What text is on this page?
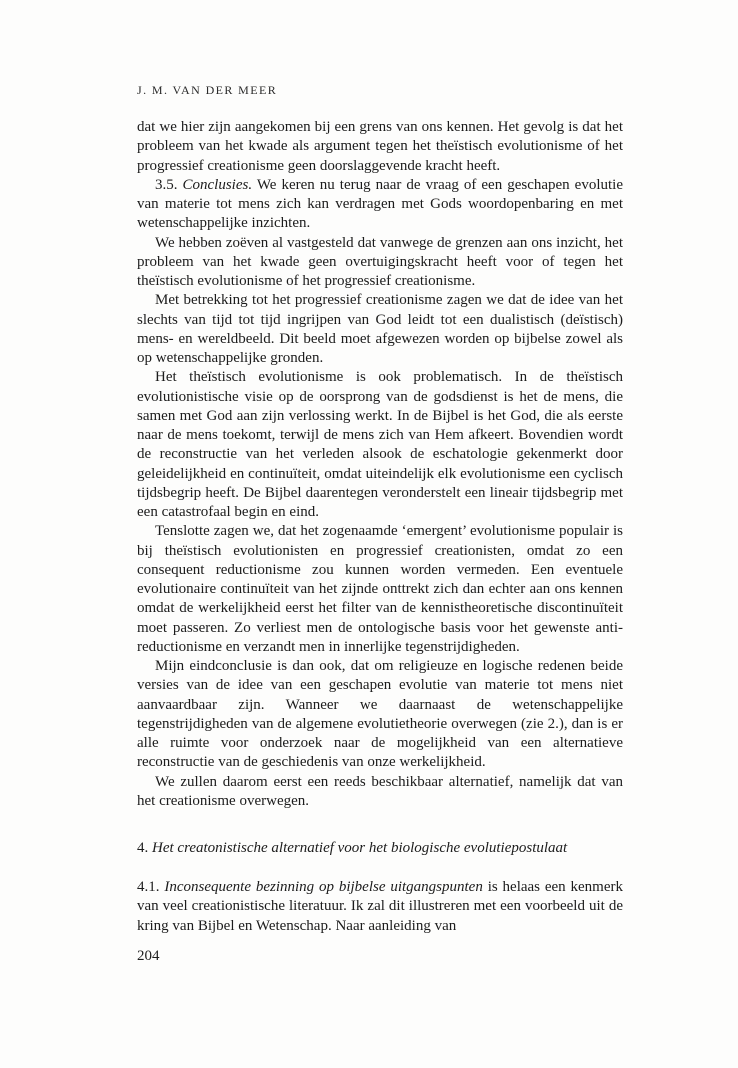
J. M. VAN DER MEER

dat we hier zijn aangekomen bij een grens van ons kennen. Het gevolg is dat het probleem van het kwade als argument tegen het theïstisch evolutionisme of het progressief creationisme geen doorslaggevende kracht heeft.

3.5. Conclusies. We keren nu terug naar de vraag of een geschapen evolutie van materie tot mens zich kan verdragen met Gods woordopenbaring en met wetenschappelijke inzichten.

We hebben zoëven al vastgesteld dat vanwege de grenzen aan ons inzicht, het probleem van het kwade geen overtuigingskracht heeft voor of tegen het theïstisch evolutionisme of het progressief creationisme.

Met betrekking tot het progressief creationisme zagen we dat de idee van het slechts van tijd tot tijd ingrijpen van God leidt tot een dualistisch (deïstisch) mens- en wereldbeeld. Dit beeld moet afgewezen worden op bijbelse zowel als op wetenschappelijke gronden.

Het theïstisch evolutionisme is ook problematisch. In de theïstisch evolutionistische visie op de oorsprong van de godsdienst is het de mens, die samen met God aan zijn verlossing werkt. In de Bijbel is het God, die als eerste naar de mens toekomt, terwijl de mens zich van Hem afkeert. Bovendien wordt de reconstructie van het verleden alsook de eschatologie gekenmerkt door geleidelijkheid en continuïteit, omdat uiteindelijk elk evolutionisme een cyclisch tijdsbegrip heeft. De Bijbel daarentegen veronderstelt een lineair tijdsbegrip met een catastrofaal begin en eind.

Tenslotte zagen we, dat het zogenaamde ‘emergent’ evolutionisme populair is bij theïstisch evolutionisten en progressief creationisten, omdat zo een consequent reductionisme zou kunnen worden vermeden. Een eventuele evolutionaire continuïteit van het zijnde onttrekt zich dan echter aan ons kennen omdat de werkelijkheid eerst het filter van de kennistheoretische discontinuïteit moet passeren. Zo verliest men de ontologische basis voor het gewenste anti-reductionisme en verzandt men in innerlijke tegenstrijdigheden.

Mijn eindconclusie is dan ook, dat om religieuze en logische redenen beide versies van de idee van een geschapen evolutie van materie tot mens niet aanvaardbaar zijn. Wanneer we daarnaast de wetenschappelijke tegenstrijdigheden van de algemene evolutietheorie overwegen (zie 2.), dan is er alle ruimte voor onderzoek naar de mogelijkheid van een alternatieve reconstructie van de geschiedenis van onze werkelijkheid.

We zullen daarom eerst een reeds beschikbaar alternatief, namelijk dat van het creationisme overwegen.

4. Het creatonistische alternatief voor het biologische evolutiepostulaat

4.1. Inconsequente bezinning op bijbelse uitgangspunten is helaas een kenmerk van veel creationistische literatuur. Ik zal dit illustreren met een voorbeeld uit de kring van Bijbel en Wetenschap. Naar aanleiding van

204
